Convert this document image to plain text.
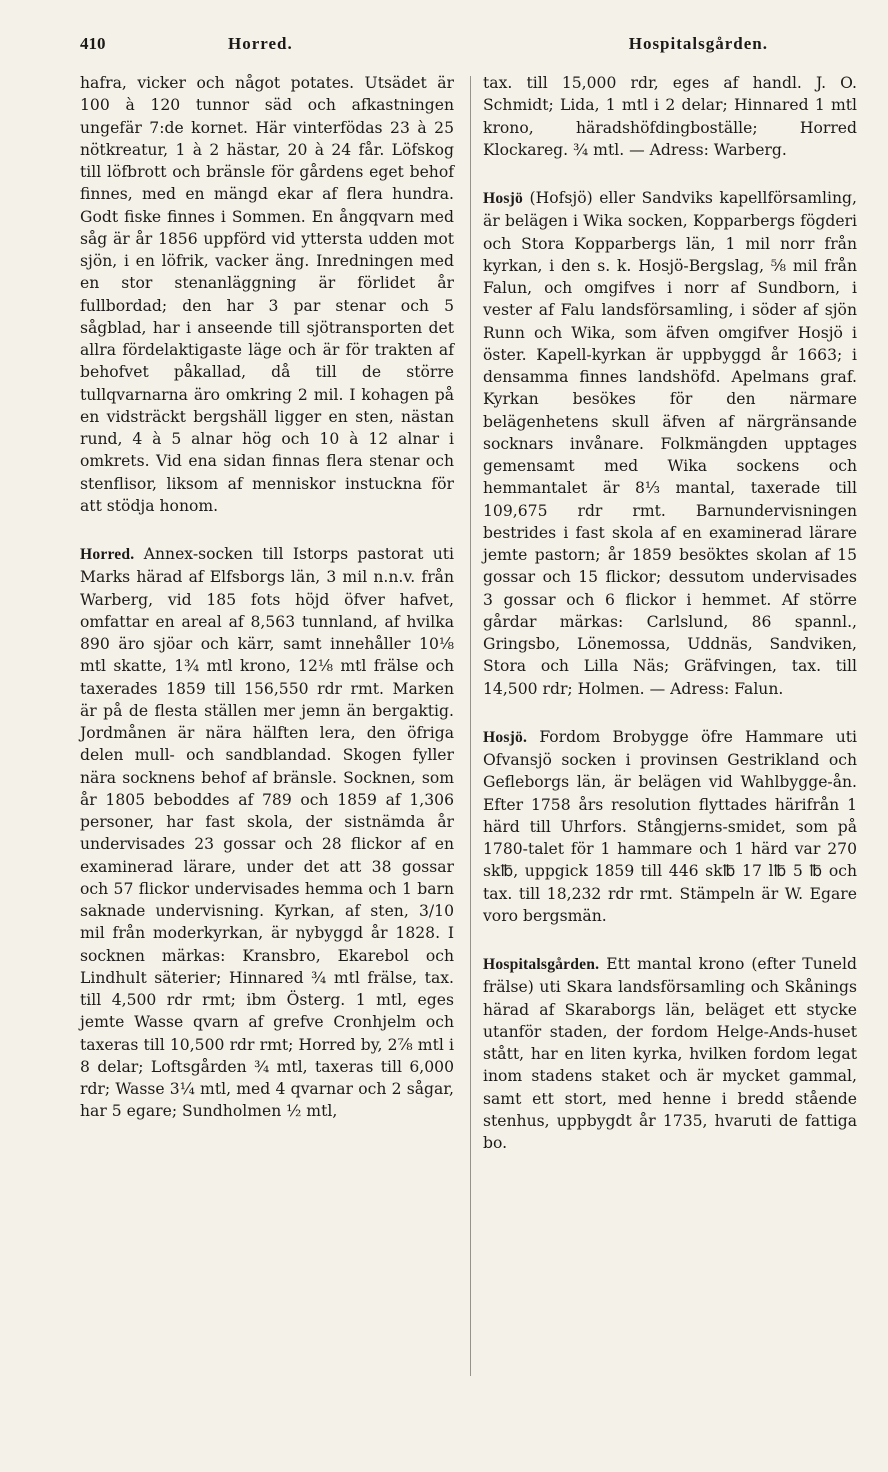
410	Horred.	Hospitalsgården.

hafra, vicker och något potates. Utsädet är 100 à 120 tunnor säd och afkastningen ungefär 7:de kornet. Här vinterfödas 23 à 25 nötkreatur, 1 à 2 hästar, 20 à 24 får. Löfskog till löfbrott och bränsle för gårdens eget behof finnes, med en mängd ekar af flera hundra. Godt fiske finnes i Sommen. En ångqvarn med såg är år 1856 uppförd vid yttersta udden mot sjön, i en löfrik, vacker äng. Inredningen med en stor stenanläggning är förlidet år fullbordad; den har 3 par stenar och 5 sågblad, har i anseende till sjötransporten det allra fördelaktigaste läge och är för trakten af behofvet påkallad, då till de större tullqvarnarna äro omkring 2 mil. I kohagen på en vidsträckt bergshäll ligger en sten, nästan rund, 4 à 5 alnar hög och 10 à 12 alnar i omkrets. Vid ena sidan finnas flera stenar och stenflisor, liksom af menniskor instuckna för att stödja honom.

Horred. Annex-socken till Istorps pastorat uti Marks härad af Elfsborgs län, 3 mil n.n.v. från Warberg, vid 185 fots höjd öfver hafvet, omfattar en areal af 8,563 tunnland, af hvilka 890 äro sjöar och kärr, samt innehåller 10⅛ mtl skatte, 1¾ mtl krono, 12⅛ mtl frälse och taxerades 1859 till 156,550 rdr rmt. Marken är på de flesta ställen mer jemn än bergaktig. Jordmånen är nära hälften lera, den öfriga delen mull- och sandblandad. Skogen fyller nära socknens behof af bränsle. Socknen, som år 1805 beboddes af 789 och 1859 af 1,306 personer, har fast skola, der sistnämda år undervisades 23 gossar och 28 flickor af en examinerad lärare, under det att 38 gossar och 57 flickor undervisades hemma och 1 barn saknade undervisning. Kyrkan, af sten, 3/10 mil från moderkyrkan, är nybyggd år 1828. I socknen märkas: Kransbro, Ekarebol och Lindhult säterier; Hinnared ¾ mtl frälse, tax. till 4,500 rdr rmt; ibm Österg. 1 mtl, eges jemte Wasse qvarn af grefve Cronhjelm och taxeras till 10,500 rdr rmt; Horred by, 2⅞ mtl i 8 delar; Loftsgården ¾ mtl, taxeras till 6,000 rdr; Wasse 3¼ mtl, med 4 qvarnar och 2 sågar, har 5 egare; Sundholmen ½ mtl,

tax. till 15,000 rdr, eges af handl. J. O. Schmidt; Lida, 1 mtl i 2 delar; Hinnared 1 mtl krono, häradshöfdingboställe; Horred Klockareg. ¾ mtl. — Adress: Warberg.

Hosjö (Hofsjö) eller Sandviks kapellförsamling, är belägen i Wika socken, Kopparbergs fögderi och Stora Kopparbergs län, 1 mil norr från kyrkan, i den s. k. Hosjö-Bergslag, ⅝ mil från Falun, och omgifves i norr af Sundborn, i vester af Falu landsförsamling, i söder af sjön Runn och Wika, som äfven omgifver Hosjö i öster. Kapell-kyrkan är uppbyggd år 1663; i densamma finnes landshöfd. Apelmans graf. Kyrkan besökes för den närmare belägenhetens skull äfven af närgränsande socknars invånare. Folkmängden upptages gemensamt med Wika sockens och hemmantalet är 8⅓ mantal, taxerade till 109,675 rdr rmt. Barnundervisningen bestrides i fast skola af en examinerad lärare jemte pastorn; år 1859 besöktes skolan af 15 gossar och 15 flickor; dessutom undervisades 3 gossar och 6 flickor i hemmet. Af större gårdar märkas: Carlslund, 86 spannl., Gringsbo, Lönemossa, Uddnäs, Sandviken, Stora och Lilla Näs; Gräfvingen, tax. till 14,500 rdr; Holmen. — Adress: Falun.

Hosjö. Fordom Brobygge öfre Hammare uti Ofvansjö socken i provinsen Gestrikland och Gefleborgs län, är belägen vid Wahlbygge-ån. Efter 1758 års resolution flyttades härifrån 1 härd till Uhrfors. Stångjerns-smidet, som på 1780-talet för 1 hammare och 1 härd var 270 sk℔, uppgick 1859 till 446 sk℔ 17 l℔ 5 ℔ och tax. till 18,232 rdr rmt. Stämpeln är W. Egare voro bergsmän.

Hospitalsgården. Ett mantal krono (efter Tuneld frälse) uti Skara landsförsamling och Skånings härad af Skaraborgs län, beläget ett stycke utanför staden, der fordom Helge-Ands-huset stått, har en liten kyrka, hvilken fordom legat inom stadens staket och är mycket gammal, samt ett stort, med henne i bredd stående stenhus, uppbygdt år 1735, hvaruti de fattiga bo.
